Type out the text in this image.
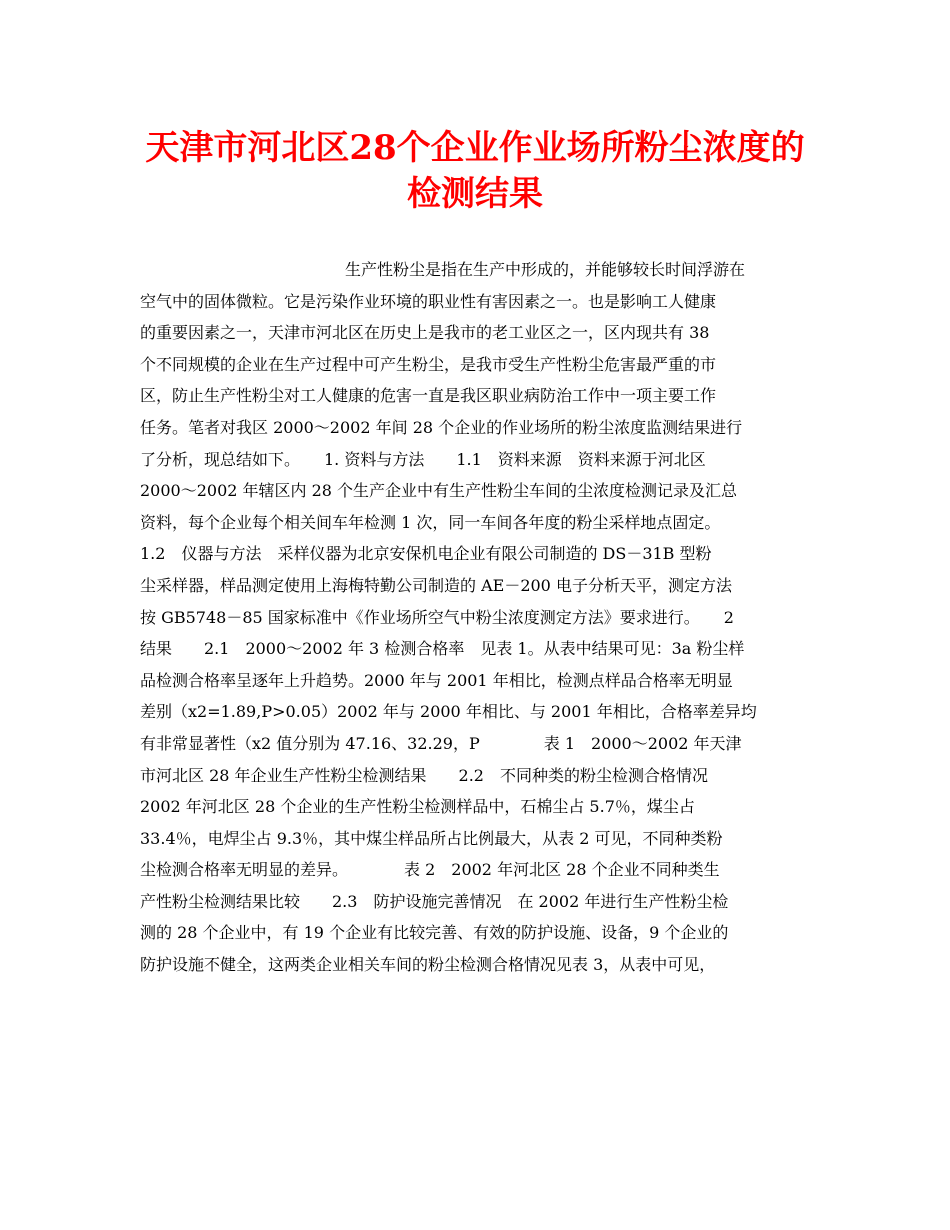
天津市河北区28个企业作业场所粉尘浓度的
检测结果
生产性粉尘是指在生产中形成的，并能够较长时间浮游在
空气中的固体微粒。它是污染作业环境的职业性有害因素之一。也是影响工人健康
的重要因素之一，天津市河北区在历史上是我市的老工业区之一，区内现共有 38
个不同规模的企业在生产过程中可产生粉尘，是我市受生产性粉尘危害最严重的市
区，防止生产性粉尘对工人健康的危害一直是我区职业病防治工作中一项主要工作
任务。笔者对我区 2000～2002 年间 28 个企业的作业场所的粉尘浓度监测结果进行
了分析，现总结如下。　　1. 资料与方法　　1.1　资料来源　资料来源于河北区
2000～2002 年辖区内 28 个生产企业中有生产性粉尘车间的尘浓度检测记录及汇总
资料，每个企业每个相关间车年检测 1 次，同一车间各年度的粉尘采样地点固定。
1.2　仪器与方法　采样仪器为北京安保机电企业有限公司制造的 DS－31B 型粉
尘采样器，样品测定使用上海梅特勤公司制造的 AE－200 电子分析天平，测定方法
按 GB5748－85 国家标准中《作业场所空气中粉尘浓度测定方法》要求进行。　　2
结果　　2.1　2000～2002 年 3 检测合格率　见表 1。从表中结果可见：3a 粉尘样
品检测合格率呈逐年上升趋势。2000 年与 2001 年相比，检测点样品合格率无明显
差别（ⅹ2=1.89,P>0.05）2002 年与 2000 年相比、与 2001 年相比，合格率差异均
有非常显著性（ⅹ2 值分别为 47.16、32.29，P　　　　表 1　2000～2002 年天津
市河北区 28 年企业生产性粉尘检测结果　　2.2　不同种类的粉尘检测合格情况
2002 年河北区 28 个企业的生产性粉尘检测样品中，石棉尘占 5.7％，煤尘占
33.4％，电焊尘占 9.3％，其中煤尘样品所占比例最大，从表 2 可见，不同种类粉
尘检测合格率无明显的差异。　　　　表 2　2002 年河北区 28 个企业不同种类生
产性粉尘检测结果比较　　2.3　防护设施完善情况　在 2002 年进行生产性粉尘检
测的 28 个企业中，有 19 个企业有比较完善、有效的防护设施、设备，9 个企业的
防护设施不健全，这两类企业相关车间的粉尘检测合格情况见表 3，从表中可见，
